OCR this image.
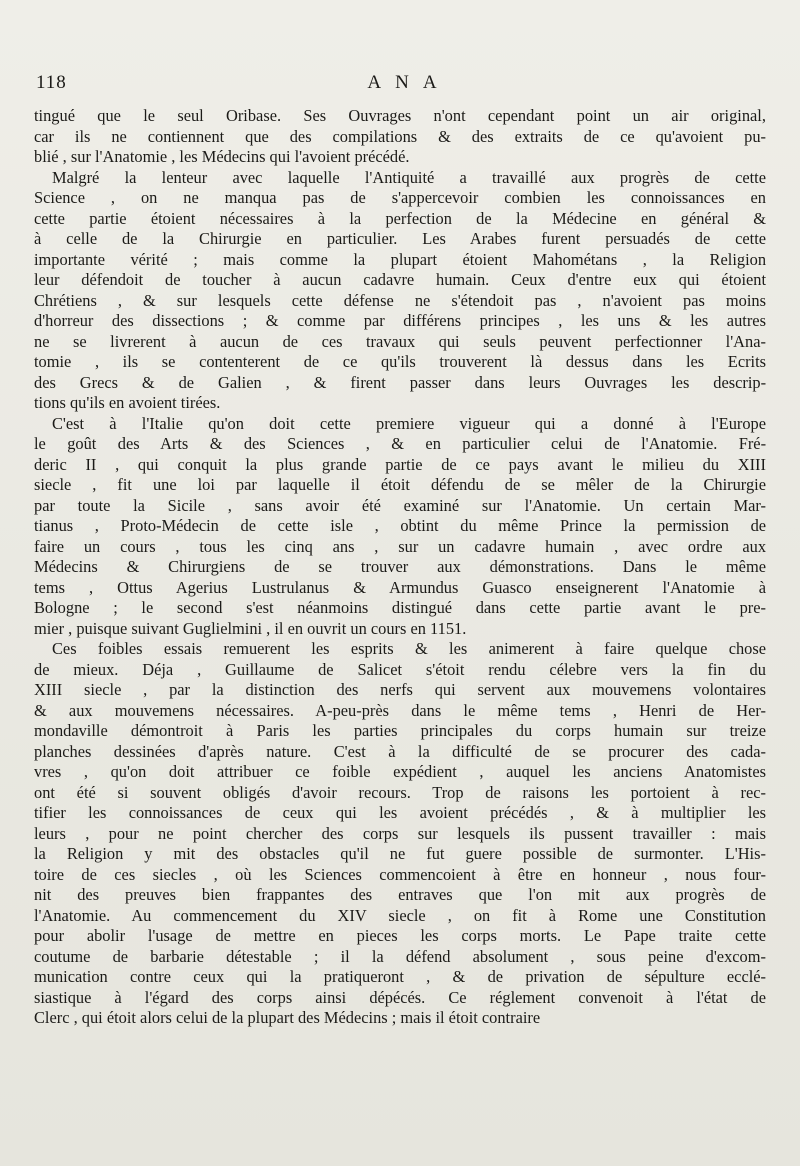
118	ANA
tingué que le seul Oribase. Ses Ouvrages n'ont cependant point un air original,
car ils ne contiennent que des compilations & des extraits de ce qu'avoient pu-
blié , sur l'Anatomie , les Médecins qui l'avoient précédé.
Malgré la lenteur avec laquelle l'Antiquité a travaillé aux progrès de cette
Science , on ne manqua pas de s'appercevoir combien les connoissances en
cette partie étoient nécessaires à la perfection de la Médecine en général &
à celle de la Chirurgie en particulier. Les Arabes furent persuadés de cette
importante vérité ; mais comme la plupart étoient Mahométans , la Religion
leur défendoit de toucher à aucun cadavre humain. Ceux d'entre eux qui étoient
Chrétiens , & sur lesquels cette défense ne s'étendoit pas , n'avoient pas moins
d'horreur des dissections ; & comme par différens principes , les uns & les autres
ne se livrerent à aucun de ces travaux qui seuls peuvent perfectionner l'Ana-
tomie , ils se contenterent de ce qu'ils trouverent là dessus dans les Ecrits
des Grecs & de Galien , & firent passer dans leurs Ouvrages les descrip-
tions qu'ils en avoient tirées.
C'est à l'Italie qu'on doit cette premiere vigueur qui a donné à l'Europe
le goût des Arts & des Sciences , & en particulier celui de l'Anatomie. Fré-
deric II , qui conquit la plus grande partie de ce pays avant le milieu du XIII
siecle , fit une loi par laquelle il étoit défendu de se mêler de la Chirurgie
par toute la Sicile , sans avoir été examiné sur l'Anatomie. Un certain Mar-
tianus , Proto-Médecin de cette isle , obtint du même Prince la permission de
faire un cours , tous les cinq ans , sur un cadavre humain , avec ordre aux
Médecins & Chirurgiens de se trouver aux démonstrations. Dans le même
tems , Ottus Agerius Lustrulanus & Armundus Guasco enseignerent l'Anatomie à
Bologne ; le second s'est néanmoins distingué dans cette partie avant le pre-
mier , puisque suivant Guglielmini , il en ouvrit un cours en 1151.
Ces foibles essais remuerent les esprits & les animerent à faire quelque chose
de mieux. Déja , Guillaume de Salicet s'étoit rendu célebre vers la fin du
XIII siecle , par la distinction des nerfs qui servent aux mouvemens volontaires
& aux mouvemens nécessaires. A-peu-près dans le même tems , Henri de Her-
mondaville démontroit à Paris les parties principales du corps humain sur treize
planches dessinées d'après nature. C'est à la difficulté de se procurer des cada-
vres , qu'on doit attribuer ce foible expédient , auquel les anciens Anatomistes
ont été si souvent obligés d'avoir recours. Trop de raisons les portoient à rec-
tifier les connoissances de ceux qui les avoient précédés , & à multiplier les
leurs , pour ne point chercher des corps sur lesquels ils pussent travailler : mais
la Religion y mit des obstacles qu'il ne fut guere possible de surmonter. L'His-
toire de ces siecles , où les Sciences commencoient à être en honneur , nous four-
nit des preuves bien frappantes des entraves que l'on mit aux progrès de
l'Anatomie. Au commencement du XIV siecle , on fit à Rome une Constitution
pour abolir l'usage de mettre en pieces les corps morts. Le Pape traite cette
coutume de barbarie détestable ; il la défend absolument , sous peine d'excom-
munication contre ceux qui la pratiqueront , & de privation de sépulture ecclé-
siastique à l'égard des corps ainsi dépécés. Ce réglement convenoit à l'état de
Clerc , qui étoit alors celui de la plupart des Médecins ; mais il étoit contraire
